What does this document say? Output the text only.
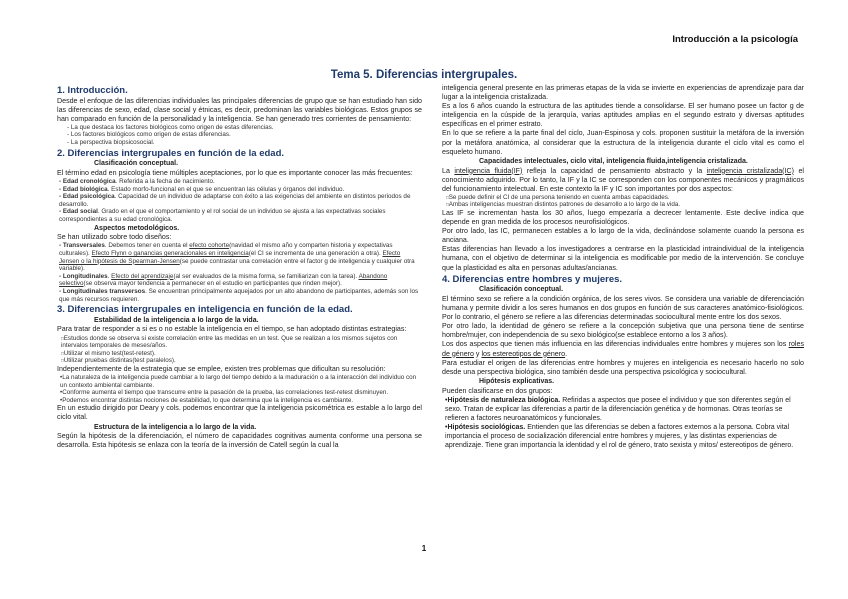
Introducción a la psicología
Tema 5. Diferencias intergrupales.
1. Introducción.

Desde el enfoque de las diferencias individuales las principales diferencias de grupo que se han estudiado han sido las diferencias de sexo, edad, clase social y étnicas, es decir, predominan las variables biológicas. Estos grupos se han comparado en función de la personalidad y la inteligencia. Se han generado tres corrientes de pensamiento:

- La que destaca los factores biológicos como origen de estas diferencias.
- Los factores biológicos como origen de estas diferencias.
- La perspectiva biopsicosocial.
2. Diferencias intergrupales en función de la edad.
Clasificación conceptual.

El término edad en psicología tiene múltiples aceptaciones, por lo que es importante conocer las más frecuentes:

- Edad cronológica. Referida a la fecha de nacimiento.
- Edad biológica. Estado morfo-funcional en el que se encuentran las células y órganos del individuo.
- Edad psicológica. Capacidad de un individuo de adaptarse con éxito a las exigencias del ambiente en distintos periodos de desarrollo.
- Edad social. Grado en el que el comportamiento y el rol social de un individuo se ajusta a las expectativas sociales correspondientes a su edad cronológica.
Aspectos metodológicos.

Se han utilizado sobre todo diseños:

- Transversales. Debemos tener en cuenta el efecto cohorte(navidad el mismo año y comparten historia y expectativas culturales). Efecto Flynn o ganancias generacionales en inteligencia(el CI se incrementa de una generación a otra). Efecto Jensen o la hipótesis de Spearman-Jensen(se puede contrastar una correlación entre el factor g de inteligencia y cualquier otra variable).
- Longitudinales. Efecto del aprendizaje(al ser evaluados de la misma forma, se familiarizan con la tarea). Abandono selectivo(se observa mayor tendencia a permanecer en el estudio en participantes que rinden mejor).
- Longitudinales transversos. Se encuentran principalmente aquejados por un alto abandono de participantes, además son los que más recursos requieren.
3. Diferencias intergrupales en inteligencia en función de la edad.
Estabilidad de la inteligencia a lo largo de la vida.

Para tratar de responder a si es o no estable la inteligencia en el tiempo, se han adoptado distintas estrategias:

□ Estudios donde se observa si existe correlación entre las medidas en un test. Que se realizan a los mismos sujetos con intervalos temporales de meses/años.
□ Utilizar el mismo test(test-retest).
□ Utilizar pruebas distintas(test paralelos).

Independientemente de la estrategia que se emplee, existen tres problemas que dificultan su resolución:

• La naturaleza de la inteligencia puede cambiar a lo largo del tiempo debido a la maduración o a la interacción del individuo con un contexto ambiental cambiante.
• Conforme aumenta el tiempo que transcurre entre la pasación de la prueba, las correlaciones test-retest disminuyen.
• Podemos encontrar distintas nociones de estabilidad, lo que determina que la inteligencia es cambiante.

En un estudio dirigido por Deary y cols. podemos encontrar que la inteligencia psicométrica es estable a lo largo del ciclo vital.

Estructura de la inteligencia a lo largo de la vida.

Según la hipótesis de la diferenciación, el número de capacidades cognitivas aumenta conforme una persona se desarrolla. Esta hipótesis se enlaza con la teoría de la inversión de Catell según la cual la

inteligencia general presente en las primeras etapas de la vida se invierte en experiencias de aprendizaje para dar lugar a la inteligencia cristalizada.

Es a los 6 años cuando la estructura de las aptitudes tiende a consolidarse. El ser humano posee un factor g de inteligencia en la cúspide de la jerarquía, varias aptitudes amplias en el segundo estrato y diversas aptitudes específicas en el primer estrato.

En lo que se refiere a la parte final del ciclo, Juan-Espinosa y cols. proponen sustituir la metáfora de la inversión por la metáfora anatómica, al considerar que la estructura de la inteligencia durante el ciclo vital es como el esqueleto humano.

Capacidades intelectuales, ciclo vital, inteligencia fluida,inteligencia cristalizada.

La inteligencia fluida(IF) refleja la capacidad de pensamiento abstracto y la inteligencia cristalizada(IC) el conocimiento adquirido. Por lo tanto, la IF y la IC se corresponden con los componentes mecánicos y pragmáticos del funcionamiento intelectual. En este contexto la IF y IC son importantes por dos aspectos:

□ Se puede definir el CI de una persona teniendo en cuenta ambas capacidades.
□ Ambas inteligencias muestran distintos patrones de desarrollo a lo largo de la vida.

Las IF se incrementan hasta los 30 años, luego empezaría a decrecer lentamente. Este declive indica que depende en gran medida de los procesos neurofisiológicos.

Por otro lado, las IC, permanecen estables a lo largo de la vida, declinándose solamente cuando la persona es anciana.

Estas diferencias han llevado a los investigadores a centrarse en la plasticidad intraindividual de la inteligencia humana, con el objetivo de determinar si la inteligencia es modificable por medio de la intervención. Se concluye que la plasticidad es alta en personas adultas/ancianas.

4. Diferencias entre hombres y mujeres.
Clasificación conceptual.

El término sexo se refiere a la condición orgánica, de los seres vivos. Se considera una variable de diferenciación humana y permite dividir a los seres humanos en dos grupos en función de sus caracteres anatómico-fisiológicos. Por lo contrario, el género se refiere a las diferencias determinadas sociocultural mente entre los dos sexos.

Por otro lado, la identidad de género se refiere a la concepción subjetiva que una persona tiene de sentirse hombre/mujer, con independencia de su sexo biológico(se establece entorno a los 3 años).

Los dos aspectos que tienen más influencia en las diferencias individuales entre hombres y mujeres son los roles de género y los estereotipos de género.

Para estudiar el origen de las diferencias entre hombres y mujeres en inteligencia es necesario hacerlo no solo desde una perspectiva biológica, sino también desde una perspectiva psicológica y sociocultural.

Hipótesis explicativas.

Pueden clasificarse en dos grupos:

• Hipótesis de naturaleza biológica. Refiridas a aspectos que posee el individuo y que son diferentes según el sexo. Tratan de explicar las diferencias a partir de la diferenciación genética y de hormonas. Otras teorías se refieren a factores neuroanatómicos y funcionales.
• Hipótesis sociológicas. Entienden que las diferencias se deben a factores externos a la persona. Cobra vital importancia el proceso de socialización diferencial entre hombres y mujeres, y las distintas experiencias de aprendizaje. Tiene gran importancia la identidad y el rol de género, trato sexista y mitos/ estereotipos de género.
1
